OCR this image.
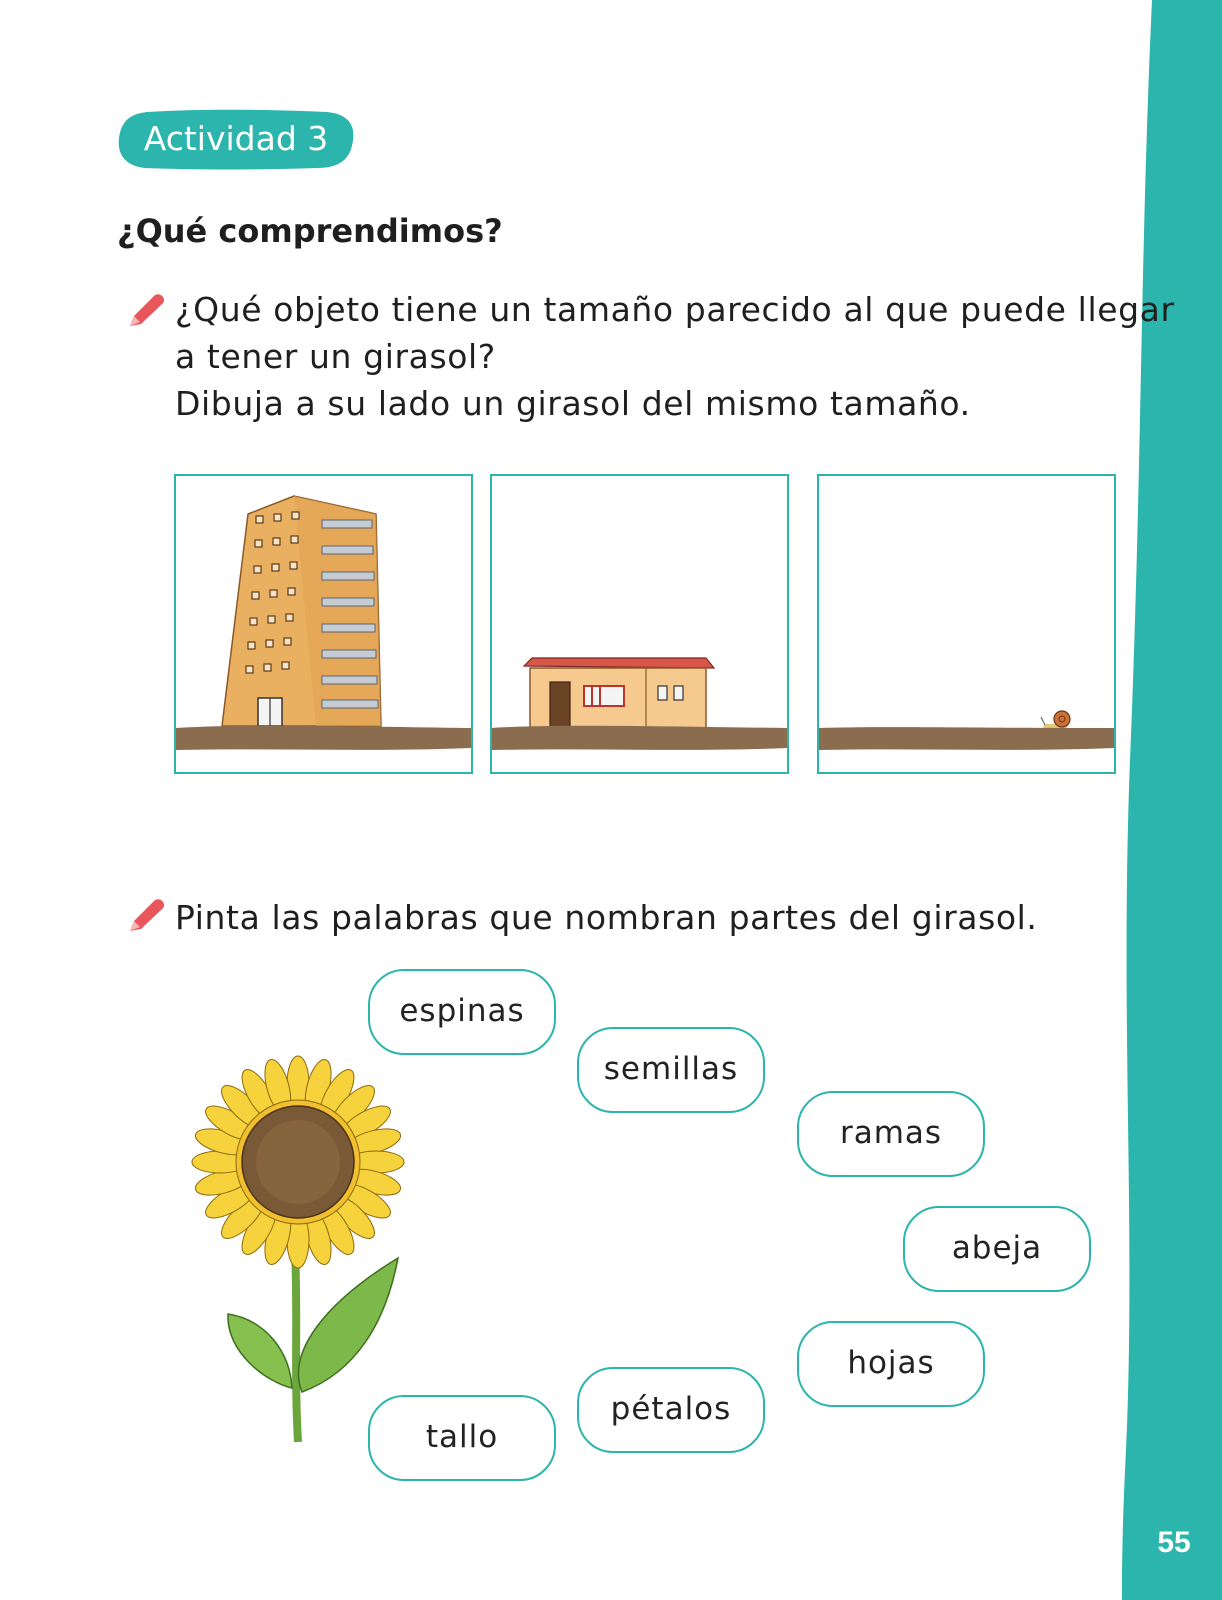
55
Actividad 3
¿Qué comprendimos?

¿Qué objeto tiene un tamaño parecido al que puede llegar
a tener un girasol?
Dibuja a su lado un girasol del mismo tamaño.

Pinta las palabras que nombran partes del girasol.

espinas
semillas
ramas
abeja
hojas
pétalos
tallo
